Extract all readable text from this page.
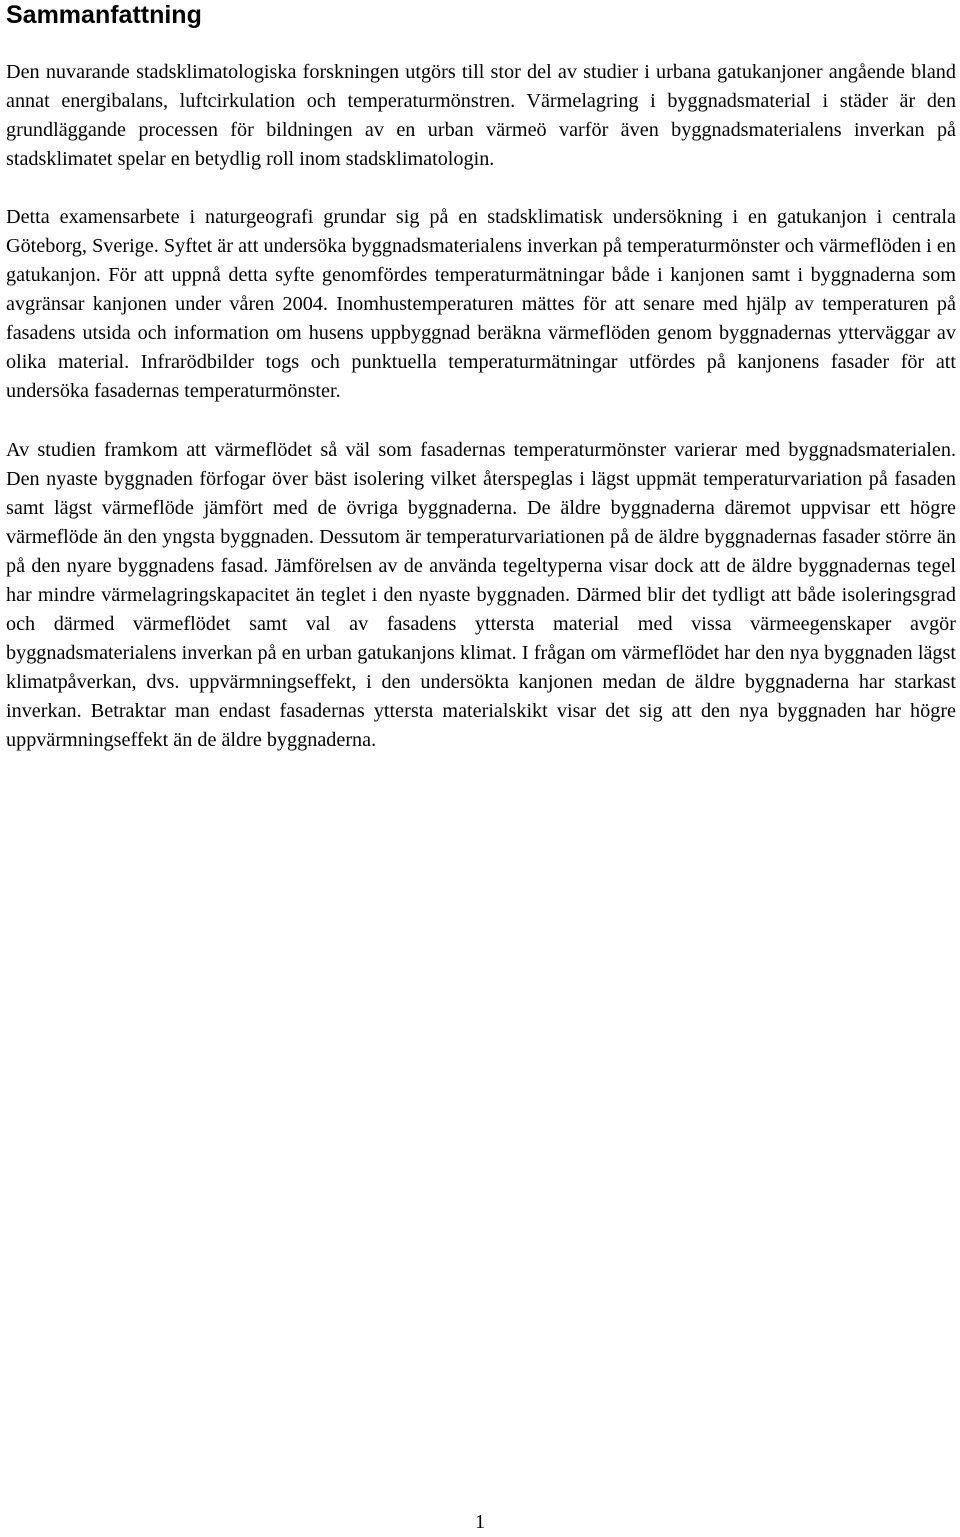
Sammanfattning

Den nuvarande stadsklimatologiska forskningen utgörs till stor del av studier i urbana gatukanjoner angående bland annat energibalans, luftcirkulation och temperaturmönstren. Värmelagring i byggnadsmaterial i städer är den grundläggande processen för bildningen av en urban värmeö varför även byggnadsmaterialens inverkan på stadsklimatet spelar en betydlig roll inom stadsklimatologin.

Detta examensarbete i naturgeografi grundar sig på en stadsklimatisk undersökning i en gatukanjon i centrala Göteborg, Sverige. Syftet är att undersöka byggnadsmaterialens inverkan på temperaturmönster och värmeflöden i en gatukanjon. För att uppnå detta syfte genomfördes temperaturmätningar både i kanjonen samt i byggnaderna som avgränsar kanjonen under våren 2004. Inomhustemperaturen mättes för att senare med hjälp av temperaturen på fasadens utsida och information om husens uppbyggnad beräkna värmeflöden genom byggnadernas ytterväggar av olika material. Infrarödbilder togs och punktuella temperaturmätningar utfördes på kanjonens fasader för att undersöka fasadernas temperaturmönster.

Av studien framkom att värmeflödet så väl som fasadernas temperaturmönster varierar med byggnadsmaterialen. Den nyaste byggnaden förfogar över bäst isolering vilket återspeglas i lägst uppmät temperaturvariation på fasaden samt lägst värmeflöde jämfört med de övriga byggnaderna. De äldre byggnaderna däremot uppvisar ett högre värmeflöde än den yngsta byggnaden. Dessutom är temperaturvariationen på de äldre byggnadernas fasader större än på den nyare byggnadens fasad. Jämförelsen av de använda tegeltyperna visar dock att de äldre byggnadernas tegel har mindre värmelagringskapacitet än teglet i den nyaste byggnaden. Därmed blir det tydligt att både isoleringsgrad och därmed värmeflödet samt val av fasadens yttersta material med vissa värmeegenskaper avgör byggnadsmaterialens inverkan på en urban gatukanjons klimat. I frågan om värmeflödet har den nya byggnaden lägst klimatpåverkan, dvs. uppvärmningseffekt, i den undersökta kanjonen medan de äldre byggnaderna har starkast inverkan. Betraktar man endast fasadernas yttersta materialskikt visar det sig att den nya byggnaden har högre uppvärmningseffekt än de äldre byggnaderna.

1
